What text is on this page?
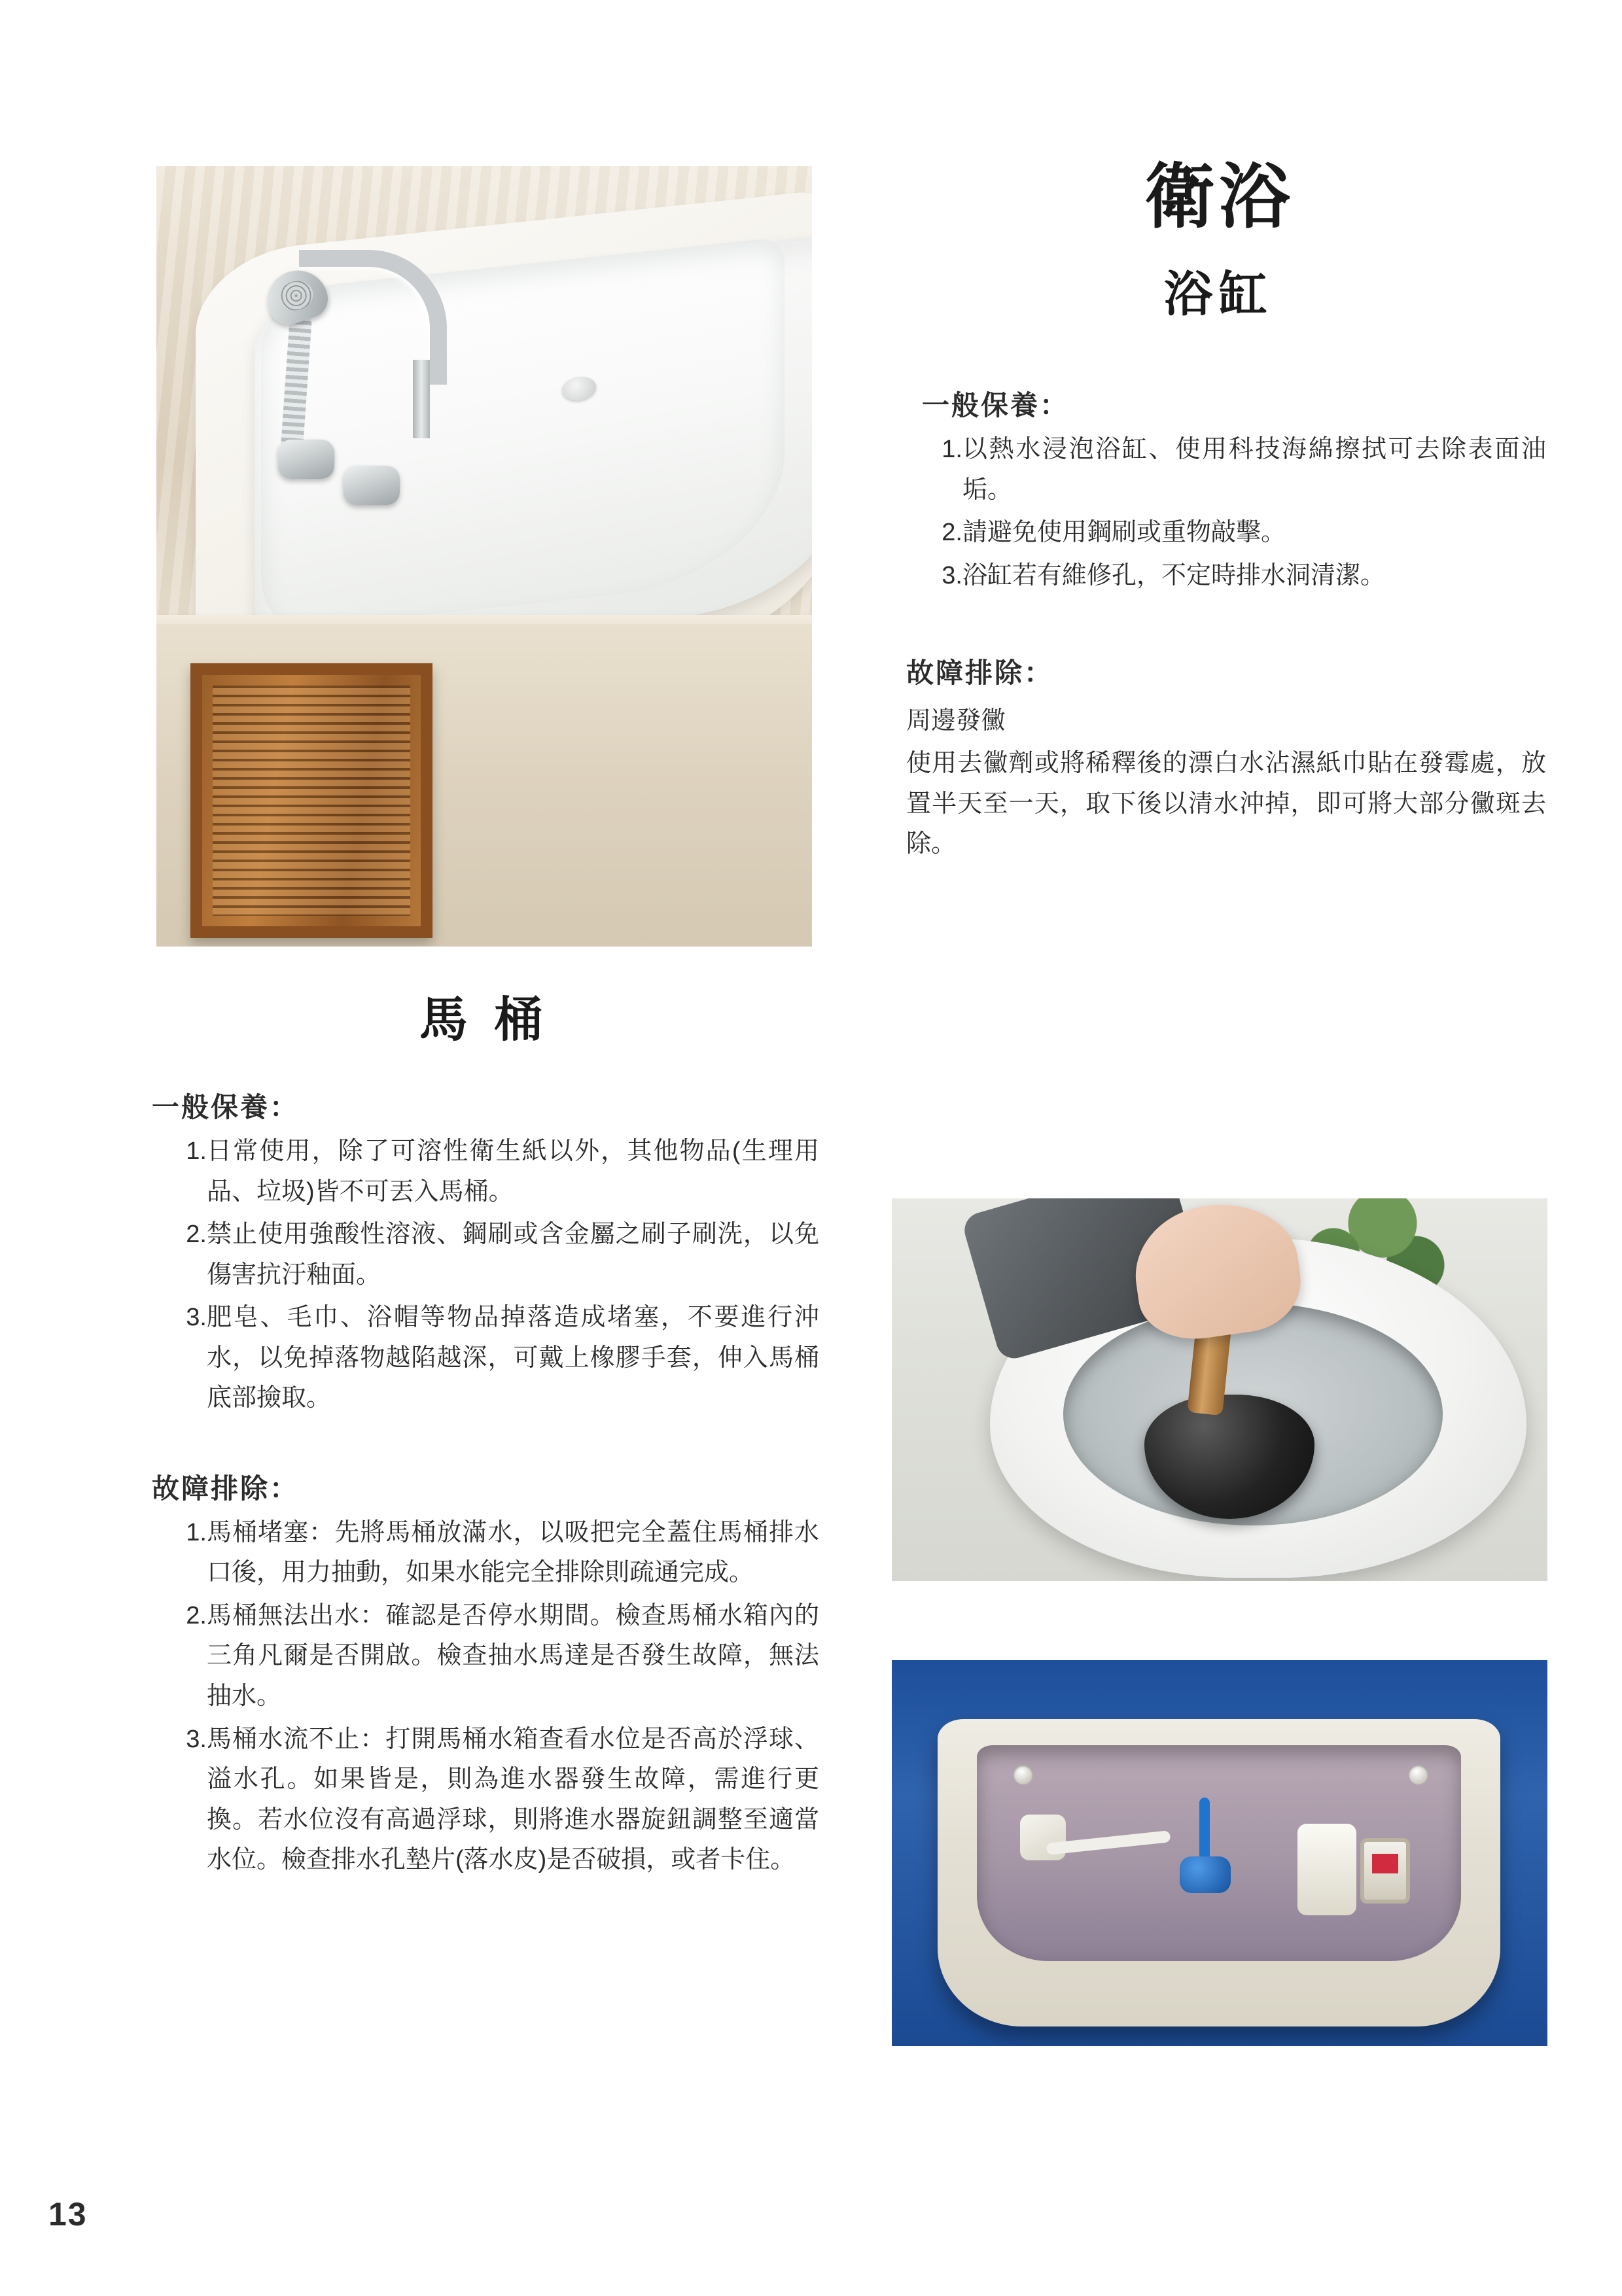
衛浴
浴缸
一般保養：
1. 以熱水浸泡浴缸、使用科技海綿擦拭可去除表面油垢。
2. 請避免使用鋼刷或重物敲擊。
3. 浴缸若有維修孔，不定時排水洞清潔。
故障排除：
周邊發黴
使用去黴劑或將稀釋後的漂白水沾濕紙巾貼在發霉處，放置半天至一天，取下後以清水沖掉，即可將大部分黴斑去除。
馬 桶
一般保養：
1. 日常使用，除了可溶性衛生紙以外，其他物品(生理用品、垃圾)皆不可丟入馬桶。
2. 禁止使用強酸性溶液、鋼刷或含金屬之刷子刷洗，以免傷害抗汙釉面。
3. 肥皂、毛巾、浴帽等物品掉落造成堵塞，不要進行沖水，以免掉落物越陷越深，可戴上橡膠手套，伸入馬桶底部撿取。
故障排除：
1. 馬桶堵塞：先將馬桶放滿水，以吸把完全蓋住馬桶排水口後，用力抽動，如果水能完全排除則疏通完成。
2. 馬桶無法出水：確認是否停水期間。檢查馬桶水箱內的三角凡爾是否開啟。檢查抽水馬達是否發生故障，無法抽水。
3. 馬桶水流不止：打開馬桶水箱查看水位是否高於浮球、溢水孔。如果皆是，則為進水器發生故障，需進行更換。若水位沒有高過浮球，則將進水器旋鈕調整至適當水位。檢查排水孔墊片(落水皮)是否破損，或者卡住。
13
